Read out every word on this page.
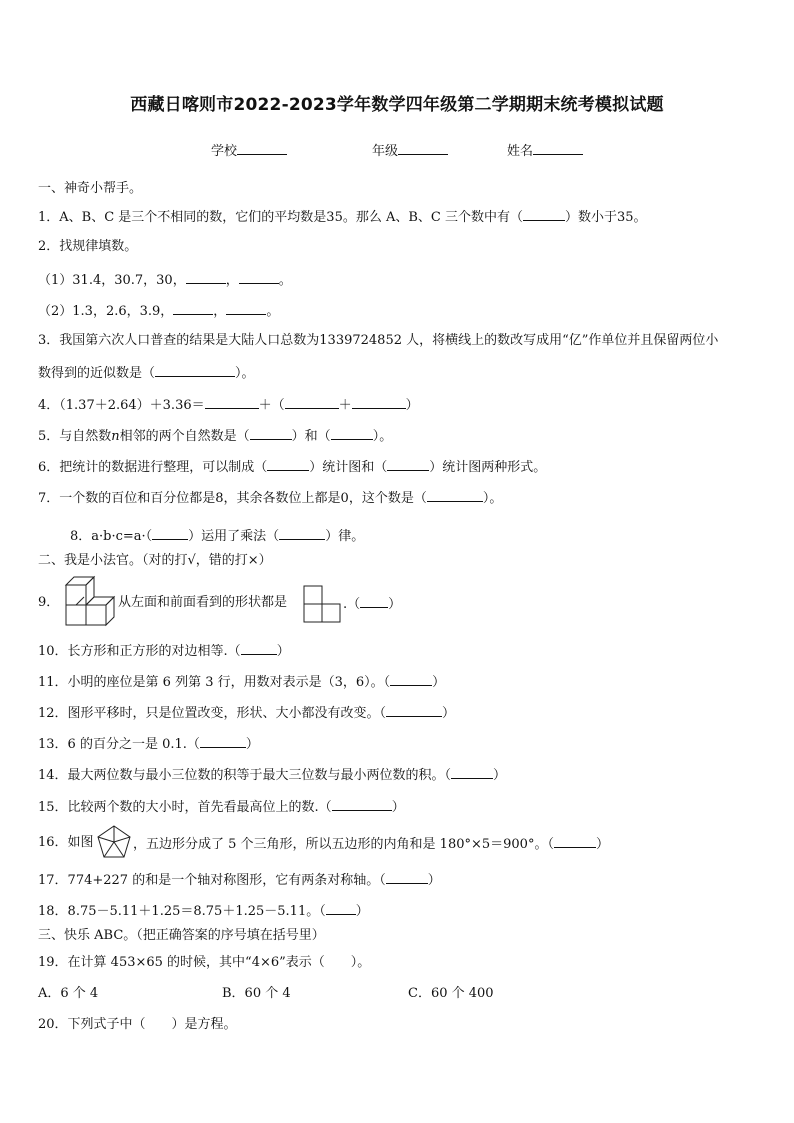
西藏日喀则市2022-2023学年数学四年级第二学期期末统考模拟试题
学校	年级	姓名
一、神奇小帮手。
1．A、B、C 是三个不相同的数，它们的平均数是35。那么 A、B、C 三个数中有（	）数小于35。
2．找规律填数。
（1）31.4，30.7，30，	，	。
（2）1.3，2.6，3.9，	，	。
3．我国第六次人口普查的结果是大陆人口总数为1339724852 人，将横线上的数改写成用“亿”作单位并且保留两位小
数得到的近似数是（	）。
4．（1.37＋2.64）＋3.36＝	＋（	＋	）
5．与自然数n相邻的两个自然数是（	）和（	）。
6．把统计的数据进行整理，可以制成（	）统计图和（	）统计图两种形式。
7．一个数的百位和百分位都是8，其余各数位上都是0，这个数是（	）。
8．a·b·c=a·（	）运用了乘法（	）律。
二、我是小法官。（对的打√，错的打×）
9．	从左面和前面看到的形状都是	.（ ）
10．长方形和正方形的对边相等.（	）
11．小明的座位是第 6 列第 3 行，用数对表示是（3，6）。（	）
12．图形平移时，只是位置改变，形状、大小都没有改变。（	）
13．6 的百分之一是 0.1.（	）
14．最大两位数与最小三位数的积等于最大三位数与最小两位数的积。（	）
15．比较两个数的大小时，首先看最高位上的数.（	）
16．如图	，五边形分成了 5 个三角形，所以五边形的内角和是 180°×5＝900°。（	）
17．774+227 的和是一个轴对称图形，它有两条对称轴。（	）
18．8.75－5.11＋1.25＝8.75＋1.25－5.11。（ ）
三、快乐 ABC。（把正确答案的序号填在括号里）
19．在计算 453×65 的时候，其中“4×6”表示（　　）。
A．6 个 4	B．60 个 4	C．60 个 400
20．下列式子中（　　）是方程。
